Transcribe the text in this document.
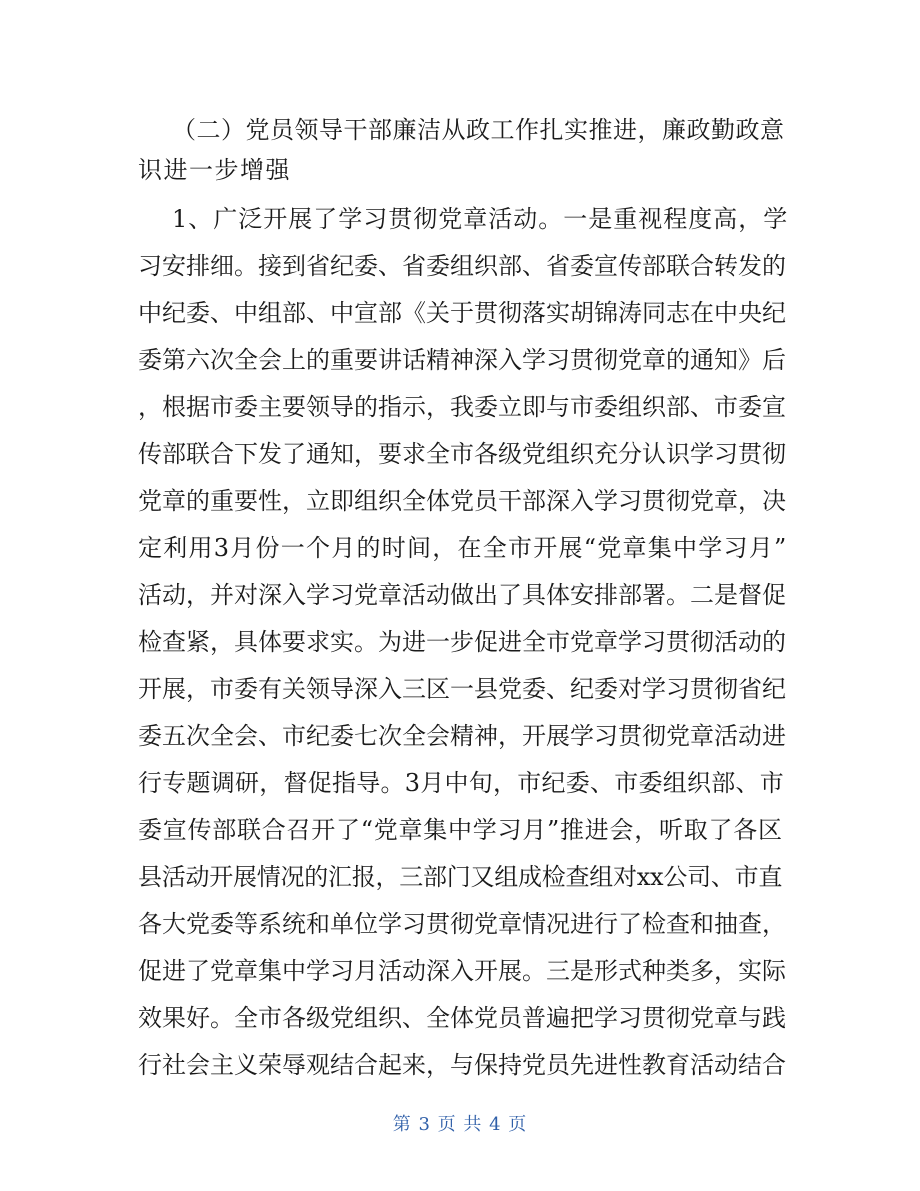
（二）党员领导干部廉洁从政工作扎实推进，廉政勤政意
识进一步增强
1、广泛开展了学习贯彻党章活动。一是重视程度高，学
习安排细。接到省纪委、省委组织部、省委宣传部联合转发的
中纪委、中组部、中宣部《关于贯彻落实胡锦涛同志在中央纪
委第六次全会上的重要讲话精神深入学习贯彻党章的通知》后
，根据市委主要领导的指示，我委立即与市委组织部、市委宣
传部联合下发了通知，要求全市各级党组织充分认识学习贯彻
党章的重要性，立即组织全体党员干部深入学习贯彻党章，决
定利用3月份一个月的时间，在全市开展“党章集中学习月”
活动，并对深入学习党章活动做出了具体安排部署。二是督促
检查紧，具体要求实。为进一步促进全市党章学习贯彻活动的
开展，市委有关领导深入三区一县党委、纪委对学习贯彻省纪
委五次全会、市纪委七次全会精神，开展学习贯彻党章活动进
行专题调研，督促指导。3月中旬，市纪委、市委组织部、市
委宣传部联合召开了“党章集中学习月”推进会，听取了各区
县活动开展情况的汇报，三部门又组成检查组对xx公司、市直
各大党委等系统和单位学习贯彻党章情况进行了检查和抽查，
促进了党章集中学习月活动深入开展。三是形式种类多，实际
效果好。全市各级党组织、全体党员普遍把学习贯彻党章与践
行社会主义荣辱观结合起来，与保持党员先进性教育活动结合
第 3 页 共 4 页
